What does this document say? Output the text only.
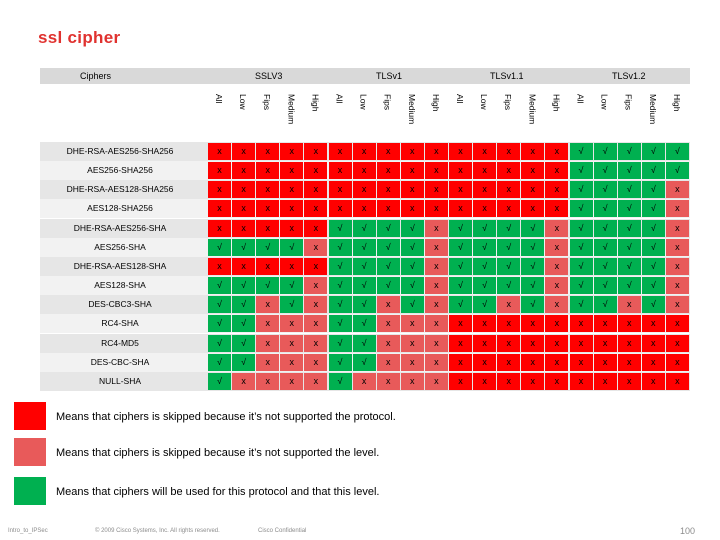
ssl cipher
Ciphers	SSLV3	TLSv1	TLSv1.1	TLSv1.2
All Low Fips Medium High All Low Fips Medium High All Low Fips Medium High All Low Fips Medium High
DHE-RSA-AES256-SHA256	x	x	x	x	x	x	x	x	x	x	x	x	x	x	x	√	√	√	√	√
AES256-SHA256	x	x	x	x	x	x	x	x	x	x	x	x	x	x	x	√	√	√	√	√
DHE-RSA-AES128-SHA256	x	x	x	x	x	x	x	x	x	x	x	x	x	x	x	√	√	√	√	x
AES128-SHA256	x	x	x	x	x	x	x	x	x	x	x	x	x	x	x	√	√	√	√	x
DHE-RSA-AES256-SHA	x	x	x	x	x	√	√	√	√	x	√	√	√	√	x	√	√	√	√	x
AES256-SHA	√	√	√	√	x	√	√	√	√	x	√	√	√	√	x	√	√	√	√	x
DHE-RSA-AES128-SHA	x	x	x	x	x	√	√	√	√	x	√	√	√	√	x	√	√	√	√	x
AES128-SHA	√	√	√	√	x	√	√	√	√	x	√	√	√	√	x	√	√	√	√	x
DES-CBC3-SHA	√	√	x	√	x	√	√	x	√	x	√	√	x	√	x	√	√	x	√	x
RC4-SHA	√	√	x	x	x	√	√	x	x	x	x	x	x	x	x	x	x	x	x	x
RC4-MD5	√	√	x	x	x	√	√	x	x	x	x	x	x	x	x	x	x	x	x	x
DES-CBC-SHA	√	√	x	x	x	√	√	x	x	x	x	x	x	x	x	x	x	x	x	x
NULL-SHA	√	x	x	x	x	√	x	x	x	x	x	x	x	x	x	x	x	x	x	x
Means that ciphers is skipped because it’s not supported the protocol.
Means that ciphers is skipped because it’s not supported the level.
Means that ciphers will be used for this protocol and that this level.
Intro_to_IPSec	© 2009 Cisco Systems, Inc. All rights reserved.	Cisco Confidential	100
